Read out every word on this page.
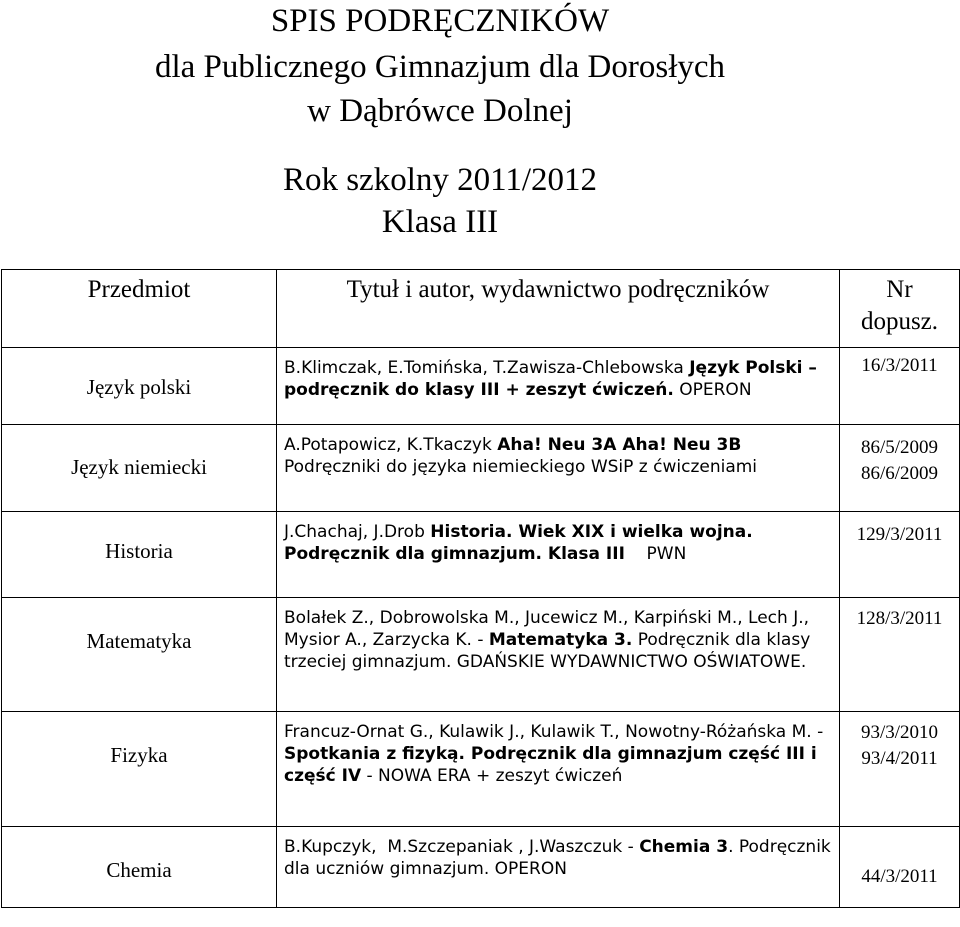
SPIS PODRĘCZNIKÓW
dla Publicznego Gimnazjum dla Dorosłych
w Dąbrówce Dolnej
Rok szkolny 2011/2012
Klasa III
Przedmiot	Tytuł i autor, wydawnictwo podręczników	Nr
dopusz.

Język polski	B.Klimczak, E.Tomińska, T.Zawisza-Chlebowska Język Polski – podręcznik do klasy III + zeszyt ćwiczeń. OPERON	16/3/2011

Język niemiecki	A.Potapowicz, K.Tkaczyk Aha! Neu 3A Aha! Neu 3B Podręczniki do języka niemieckiego WSiP z ćwiczeniami	86/5/2009
86/6/2009

Historia	J.Chachaj, J.Drob Historia. Wiek XIX i wielka wojna. Podręcznik dla gimnazjum. Klasa III    PWN	129/3/2011

Matematyka	Bolałek Z., Dobrowolska M., Jucewicz M., Karpiński M., Lech J., Mysior A., Zarzycka K. - Matematyka 3. Podręcznik dla klasy trzeciej gimnazjum. GDAŃSKIE WYDAWNICTWO OŚWIATOWE.	128/3/2011

Fizyka	Francuz-Ornat G., Kulawik J., Kulawik T., Nowotny-Różańska M. - Spotkania z fizyką. Podręcznik dla gimnazjum część III i część IV - NOWA ERA + zeszyt ćwiczeń	93/3/2010
93/4/2011

Chemia	B.Kupczyk,  M.Szczepaniak , J.Waszczuk - Chemia 3. Podręcznik dla uczniów gimnazjum. OPERON	44/3/2011
